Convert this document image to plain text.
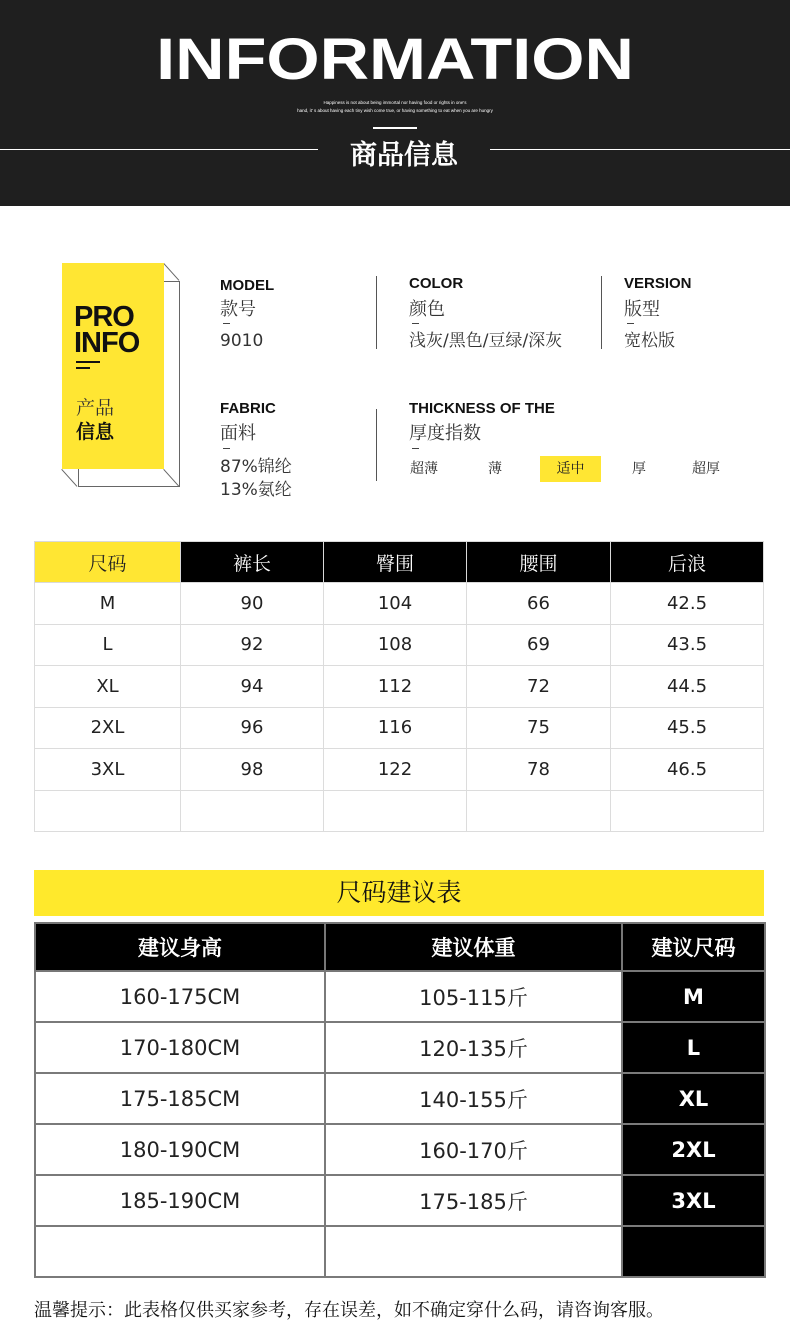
INFORMATION
Happiness is not about being immortal nor having food or rights in one's
hand, it' s about having each tiny wish come true, or having something to eat when you are hungry
商品信息
PRO
INFO
产品
信息
MODEL
款号
9010
COLOR
颜色
浅灰/黑色/豆绿/深灰
VERSION
版型
宽松版
FABRIC
面料
87%锦纶
13%氨纶
THICKNESS OF THE
厚度指数
超薄	薄	适中	厚	超厚
尺码	裤长	臀围	腰围	后浪
M	90	104	66	42.5
L	92	108	69	43.5
XL	94	112	72	44.5
2XL	96	116	75	45.5
3XL	98	122	78	46.5

尺码建议表
建议身高	建议体重	建议尺码
160-175CM	105-115斤	M
170-180CM	120-135斤	L
175-185CM	140-155斤	XL
180-190CM	160-170斤	2XL
185-190CM	175-185斤	3XL

温馨提示：此表格仅供买家参考，存在误差，如不确定穿什么码，请咨询客服。
